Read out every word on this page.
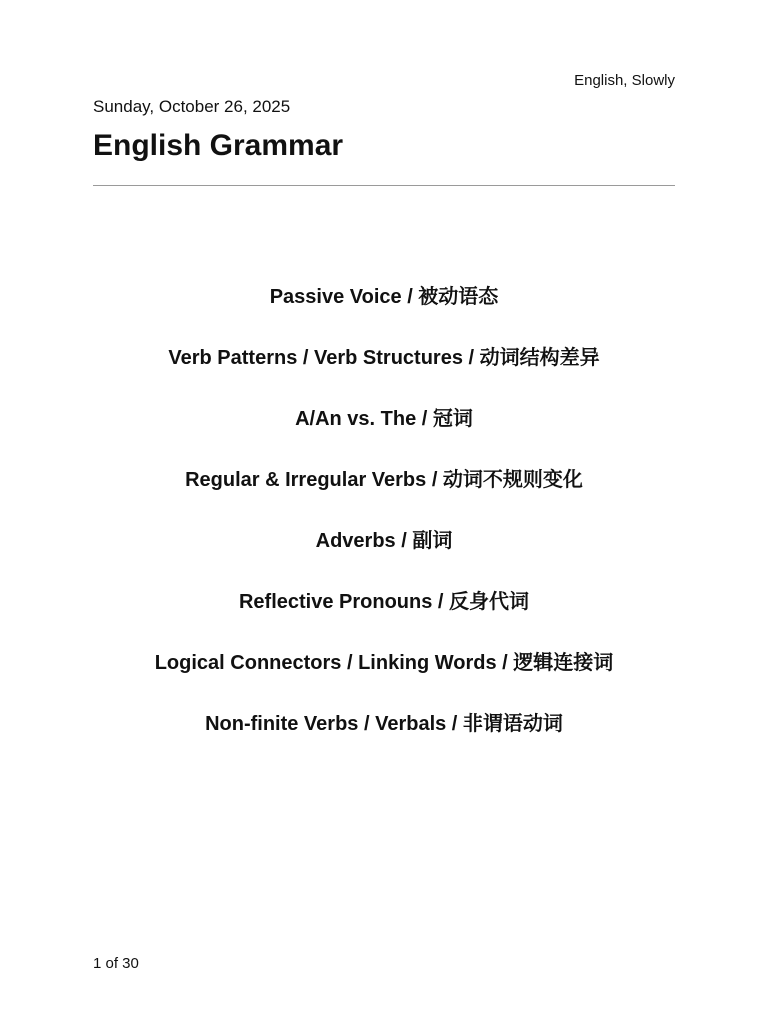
English, Slowly
Sunday, October 26, 2025
English Grammar
Passive Voice / 被动语态
Verb Patterns / Verb Structures / 动词结构差异
A/An vs. The / 冠词
Regular & Irregular Verbs / 动词不规则变化
Adverbs / 副词
Reflective Pronouns / 反身代词
Logical Connectors / Linking Words / 逻辑连接词
Non-finite Verbs / Verbals / 非谓语动词
1 of 30
